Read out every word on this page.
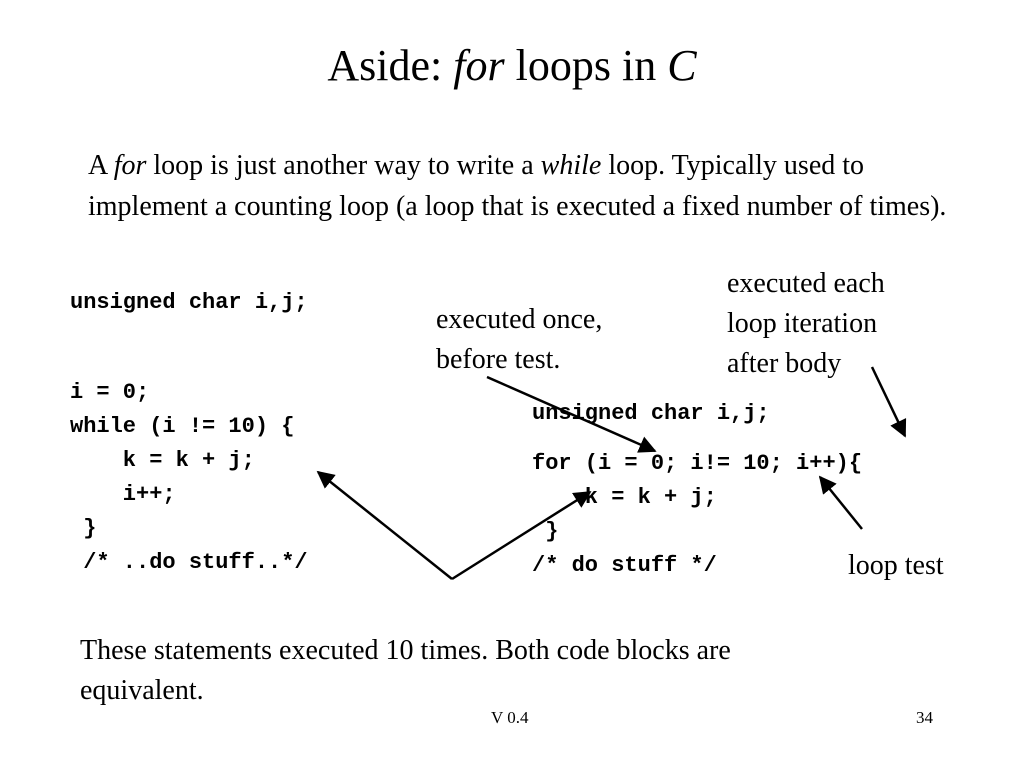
Aside: for loops in C
A for loop is just another way to write a while loop. Typically used to implement a counting loop (a loop that is executed a fixed number of times).
unsigned char i,j;
i = 0;
while (i != 10) {
k = k + j;
i++;
}
/* ..do stuff..*/
unsigned char i,j;
for (i = 0; i!= 10; i++){
k = k + j;
}
/* do stuff */
executed once,
before test.
executed each
loop iteration
after body
loop test
These statements executed 10 times. Both code blocks are equivalent.
V 0.4	34
